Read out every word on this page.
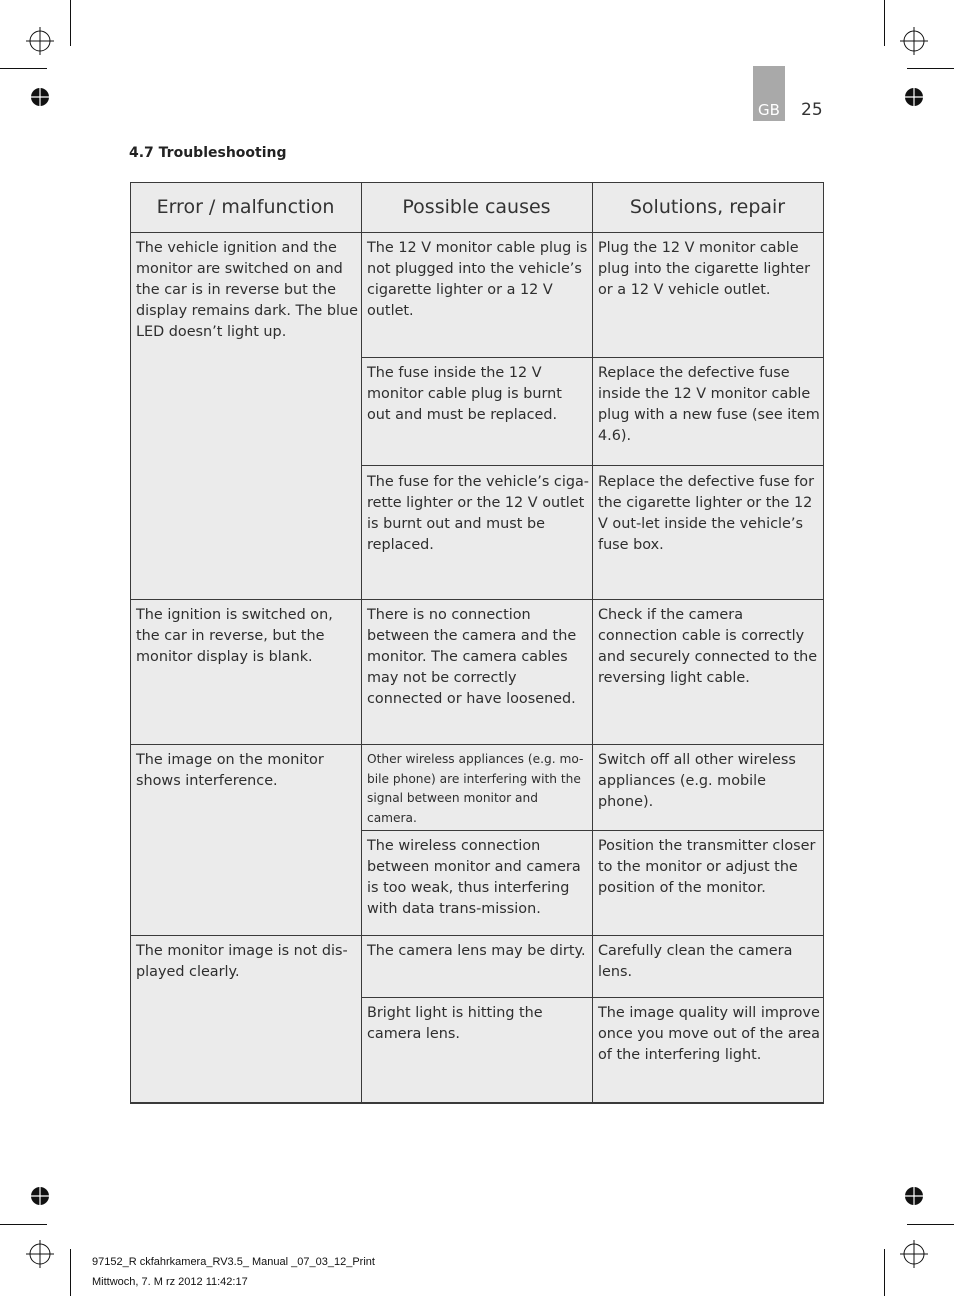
GB 25
4.7 Troubleshooting
Error / malfunction	Possible causes	Solutions, repair
The vehicle ignition and the monitor are switched on and the car is in reverse but the display remains dark. The blue LED doesn’t light up.
The 12 V monitor cable plug is not plugged into the vehicle’s cigarette lighter or a 12 V outlet.
Plug the 12 V monitor cable plug into the cigarette lighter or a 12 V vehicle outlet.
The fuse inside the 12 V monitor cable plug is burnt out and must be replaced.
Replace the defective fuse inside the 12 V monitor cable plug with a new fuse (see item 4.6).
The fuse for the vehicle’s ciga-rette lighter or the 12 V outlet is burnt out and must be replaced.
Replace the defective fuse for the cigarette lighter or the 12 V out-let inside the vehicle’s fuse box.
The ignition is switched on, the car in reverse, but the monitor display is blank.
There is no connection between the camera and the monitor. The camera cables may not be correctly connected or have loosened.
Check if the camera connection cable is correctly and securely connected to the reversing light cable.
The image on the monitor shows interference.
Other wireless appliances (e.g. mo-bile phone) are interfering with the signal between monitor and camera.
Switch off all other wireless appliances (e.g. mobile phone).
The wireless connection between monitor and camera is too weak, thus interfering with data trans-mission.
Position the transmitter closer to the monitor or adjust the position of the monitor.
The monitor image is not dis-played clearly.
The camera lens may be dirty. Carefully clean the camera lens.
Bright light is hitting the camera lens.
The image quality will improve once you move out of the area of the interfering light.
97152_R ckfahrkamera_RV3.5_ Manual _07_03_12_Print
Mittwoch, 7. M rz 2012 11:42:17
